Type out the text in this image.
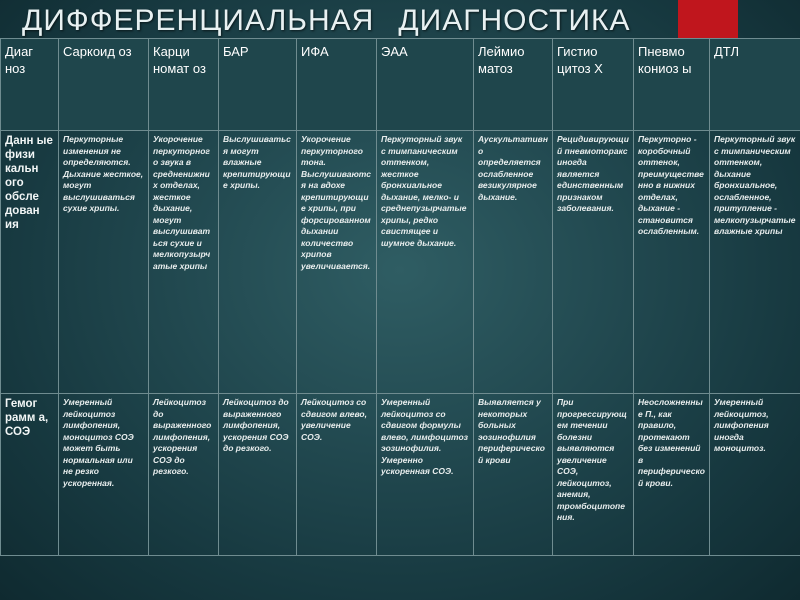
ДИФФЕРЕНЦИАЛЬНАЯ ДИАГНОСТИКА
Диаг ноз	Саркоид оз	Карци номат оз	БАР	ИФА	ЭАА	Леймио матоз	Гистио цитоз Х	Пневмо кониоз ы	ДТЛ
Данн ые физи кальн ого обсле дован ия	Перкуторные изменения не определяются. Дыхание жесткое, могут выслушиваться сухие хрипы.	Укорочение перкуторного звука в средненижних отделах, жесткое дыхание, могут выслушиваться сухие и мелкопузырчатые хрипы	Выслушиваться могут влажные крепитирующие хрипы.	Укорочение перкуторного тона. Выслушиваются на вдохе крепитирующие хрипы, при форсированном дыхании количество хрипов увеличивается.	Перкуторный звук с тимпаническим оттенком, жесткое бронхиальное дыхание, мелко- и среднепузырчатые хрипы, редко свистящее и шумное дыхание.	Аускультативно определяется ослабленное везикулярное дыхание.	Рецидивирующий пневмоторакс иногда является единственным признаком заболевания.	Перкуторно - коробочный оттенок, преимущественно в нижних отделах, дыхание - становится ослабленным.	Перкуторный звук с тимпаническим оттенком, дыхание бронхиальное, ослабленное, притупление - мелкопузырчатые влажные хрипы
Гемог рамм а, СОЭ	Умеренный лейкоцитоз лимфопения, моноцитоз СОЭ может быть нормальная или не резко ускоренная.	Лейкоцитоз до выраженного лимфопения, ускорения СОЭ до резкого.	Лейкоцитоз до выраженного лимфопения, ускорения СОЭ до резкого.	Лейкоцитоз со сдвигом влево, увеличение СОЭ.	Умеренный лейкоцитоз со сдвигом формулы влево, лимфоцитоз эозинофилия. Умеренно ускоренная СОЭ.	Выявляется у некоторых больных эозинофилия периферической крови	При прогрессирующем течении болезни выявляются увеличение СОЭ, лейкоцитоз, анемия, тромбоцитопения.	Неосложненные П., как правило, протекают без изменений в периферической крови.	Умеренный лейкоцитоз, лимфопения иногда моноцитоз.
